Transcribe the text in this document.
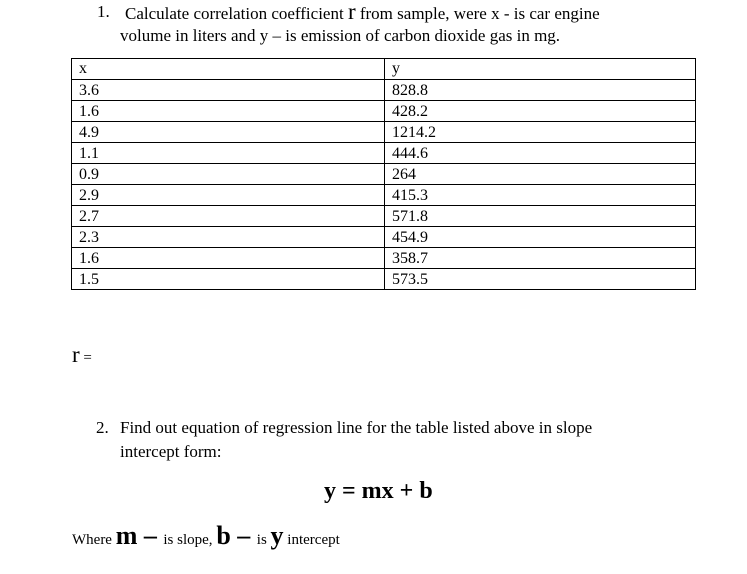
1. Calculate correlation coefficient r from sample, were x - is car engine
volume in liters and y – is emission of carbon dioxide gas in mg.
x	y
3.6	828.8
1.6	428.2
4.9	1214.2
1.1	444.6
0.9	264
2.9	415.3
2.7	571.8
2.3	454.9
1.6	358.7
1.5	573.5
r =
2. Find out equation of regression line for the table listed above in slope
intercept form:
y = mx + b
Where m – is slope, b – is y intercept
